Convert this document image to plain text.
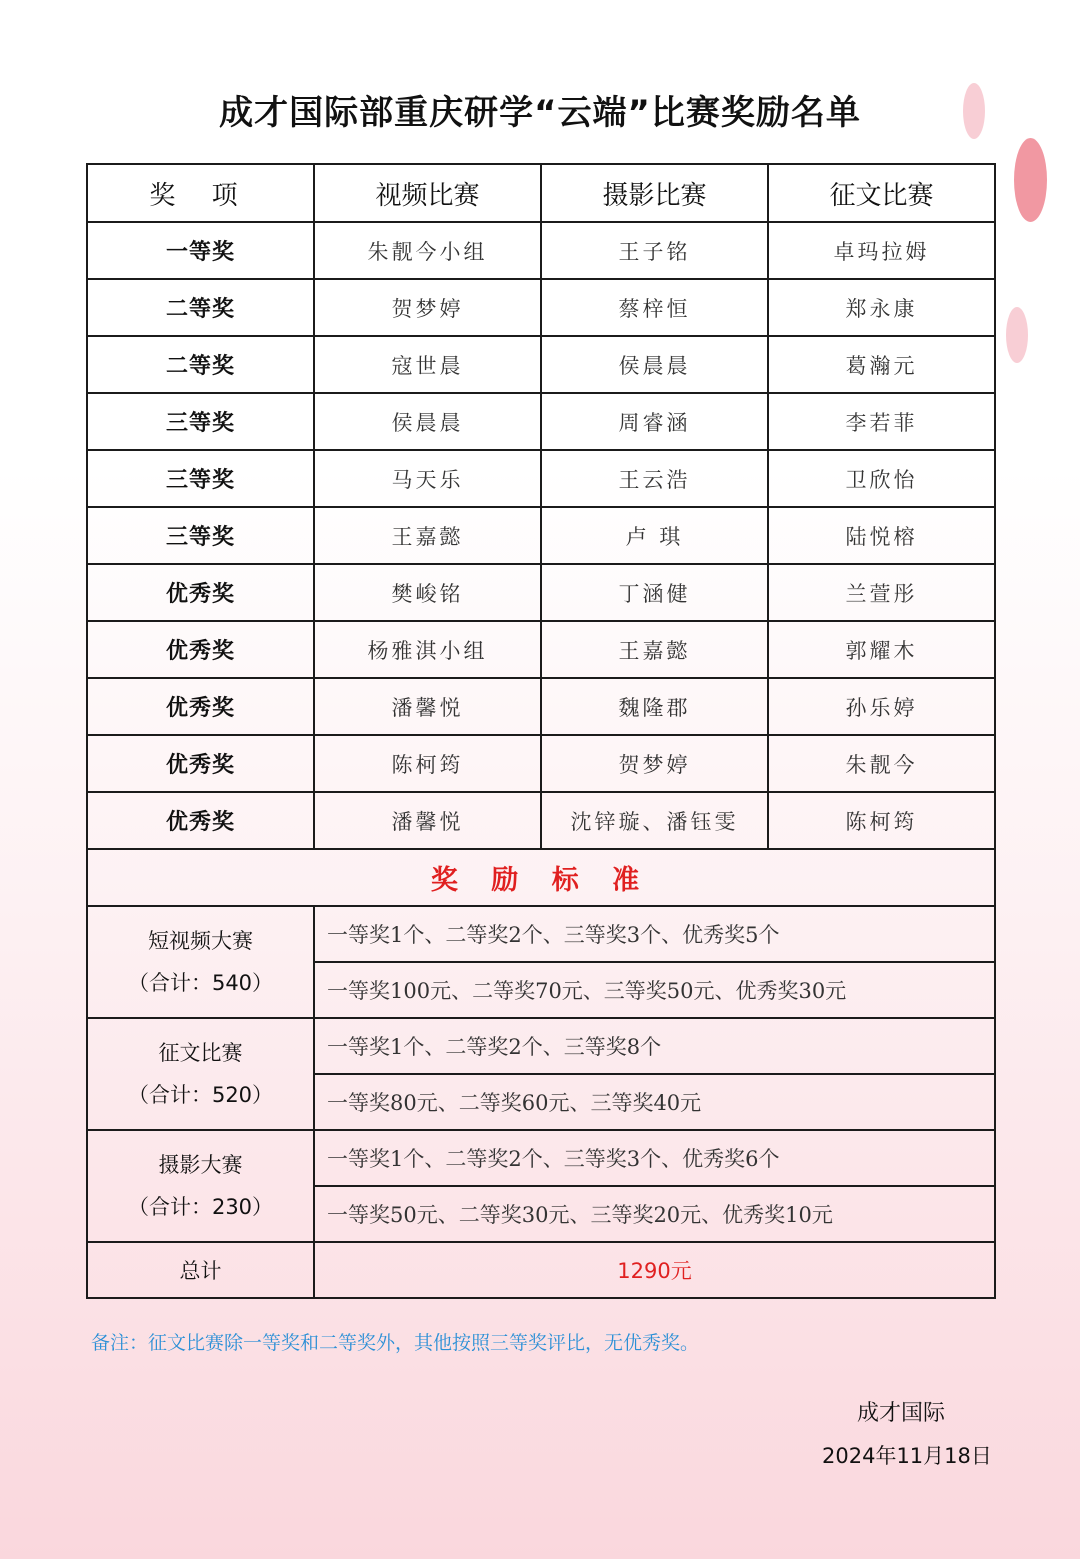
成才国际部重庆研学“云端”比赛奖励名单
奖 项	视频比赛	摄影比赛	征文比赛
一等奖	朱靓今小组	王子铭	卓玛拉姆
二等奖	贺梦婷	蔡梓恒	郑永康
二等奖	寇世晨	侯晨晨	葛瀚元
三等奖	侯晨晨	周睿涵	李若菲
三等奖	马天乐	王云浩	卫欣怡
三等奖	王嘉懿	卢 琪	陆悦榕
优秀奖	樊峻铭	丁涵健	兰萱彤
优秀奖	杨雅淇小组	王嘉懿	郭耀木
优秀奖	潘馨悦	魏隆郡	孙乐婷
优秀奖	陈柯筠	贺梦婷	朱靓今
优秀奖	潘馨悦	沈锌璇、潘钰雯	陈柯筠
奖 励 标 准			

短视频大赛
（合计：540）	一等奖1个、二等奖2个、三等奖3个、优秀奖5个		
	一等奖100元、二等奖70元、三等奖50元、优秀奖30元		

征文比赛
（合计：520）	一等奖1个、二等奖2个、三等奖8个		
	一等奖80元、二等奖60元、三等奖40元		

摄影大赛
（合计：230）	一等奖1个、二等奖2个、三等奖3个、优秀奖6个		
	一等奖50元、二等奖30元、三等奖20元、优秀奖10元		
总计	1290元		
备注：征文比赛除一等奖和二等奖外，其他按照三等奖评比，无优秀奖。
成才国际
2024年11月18日
